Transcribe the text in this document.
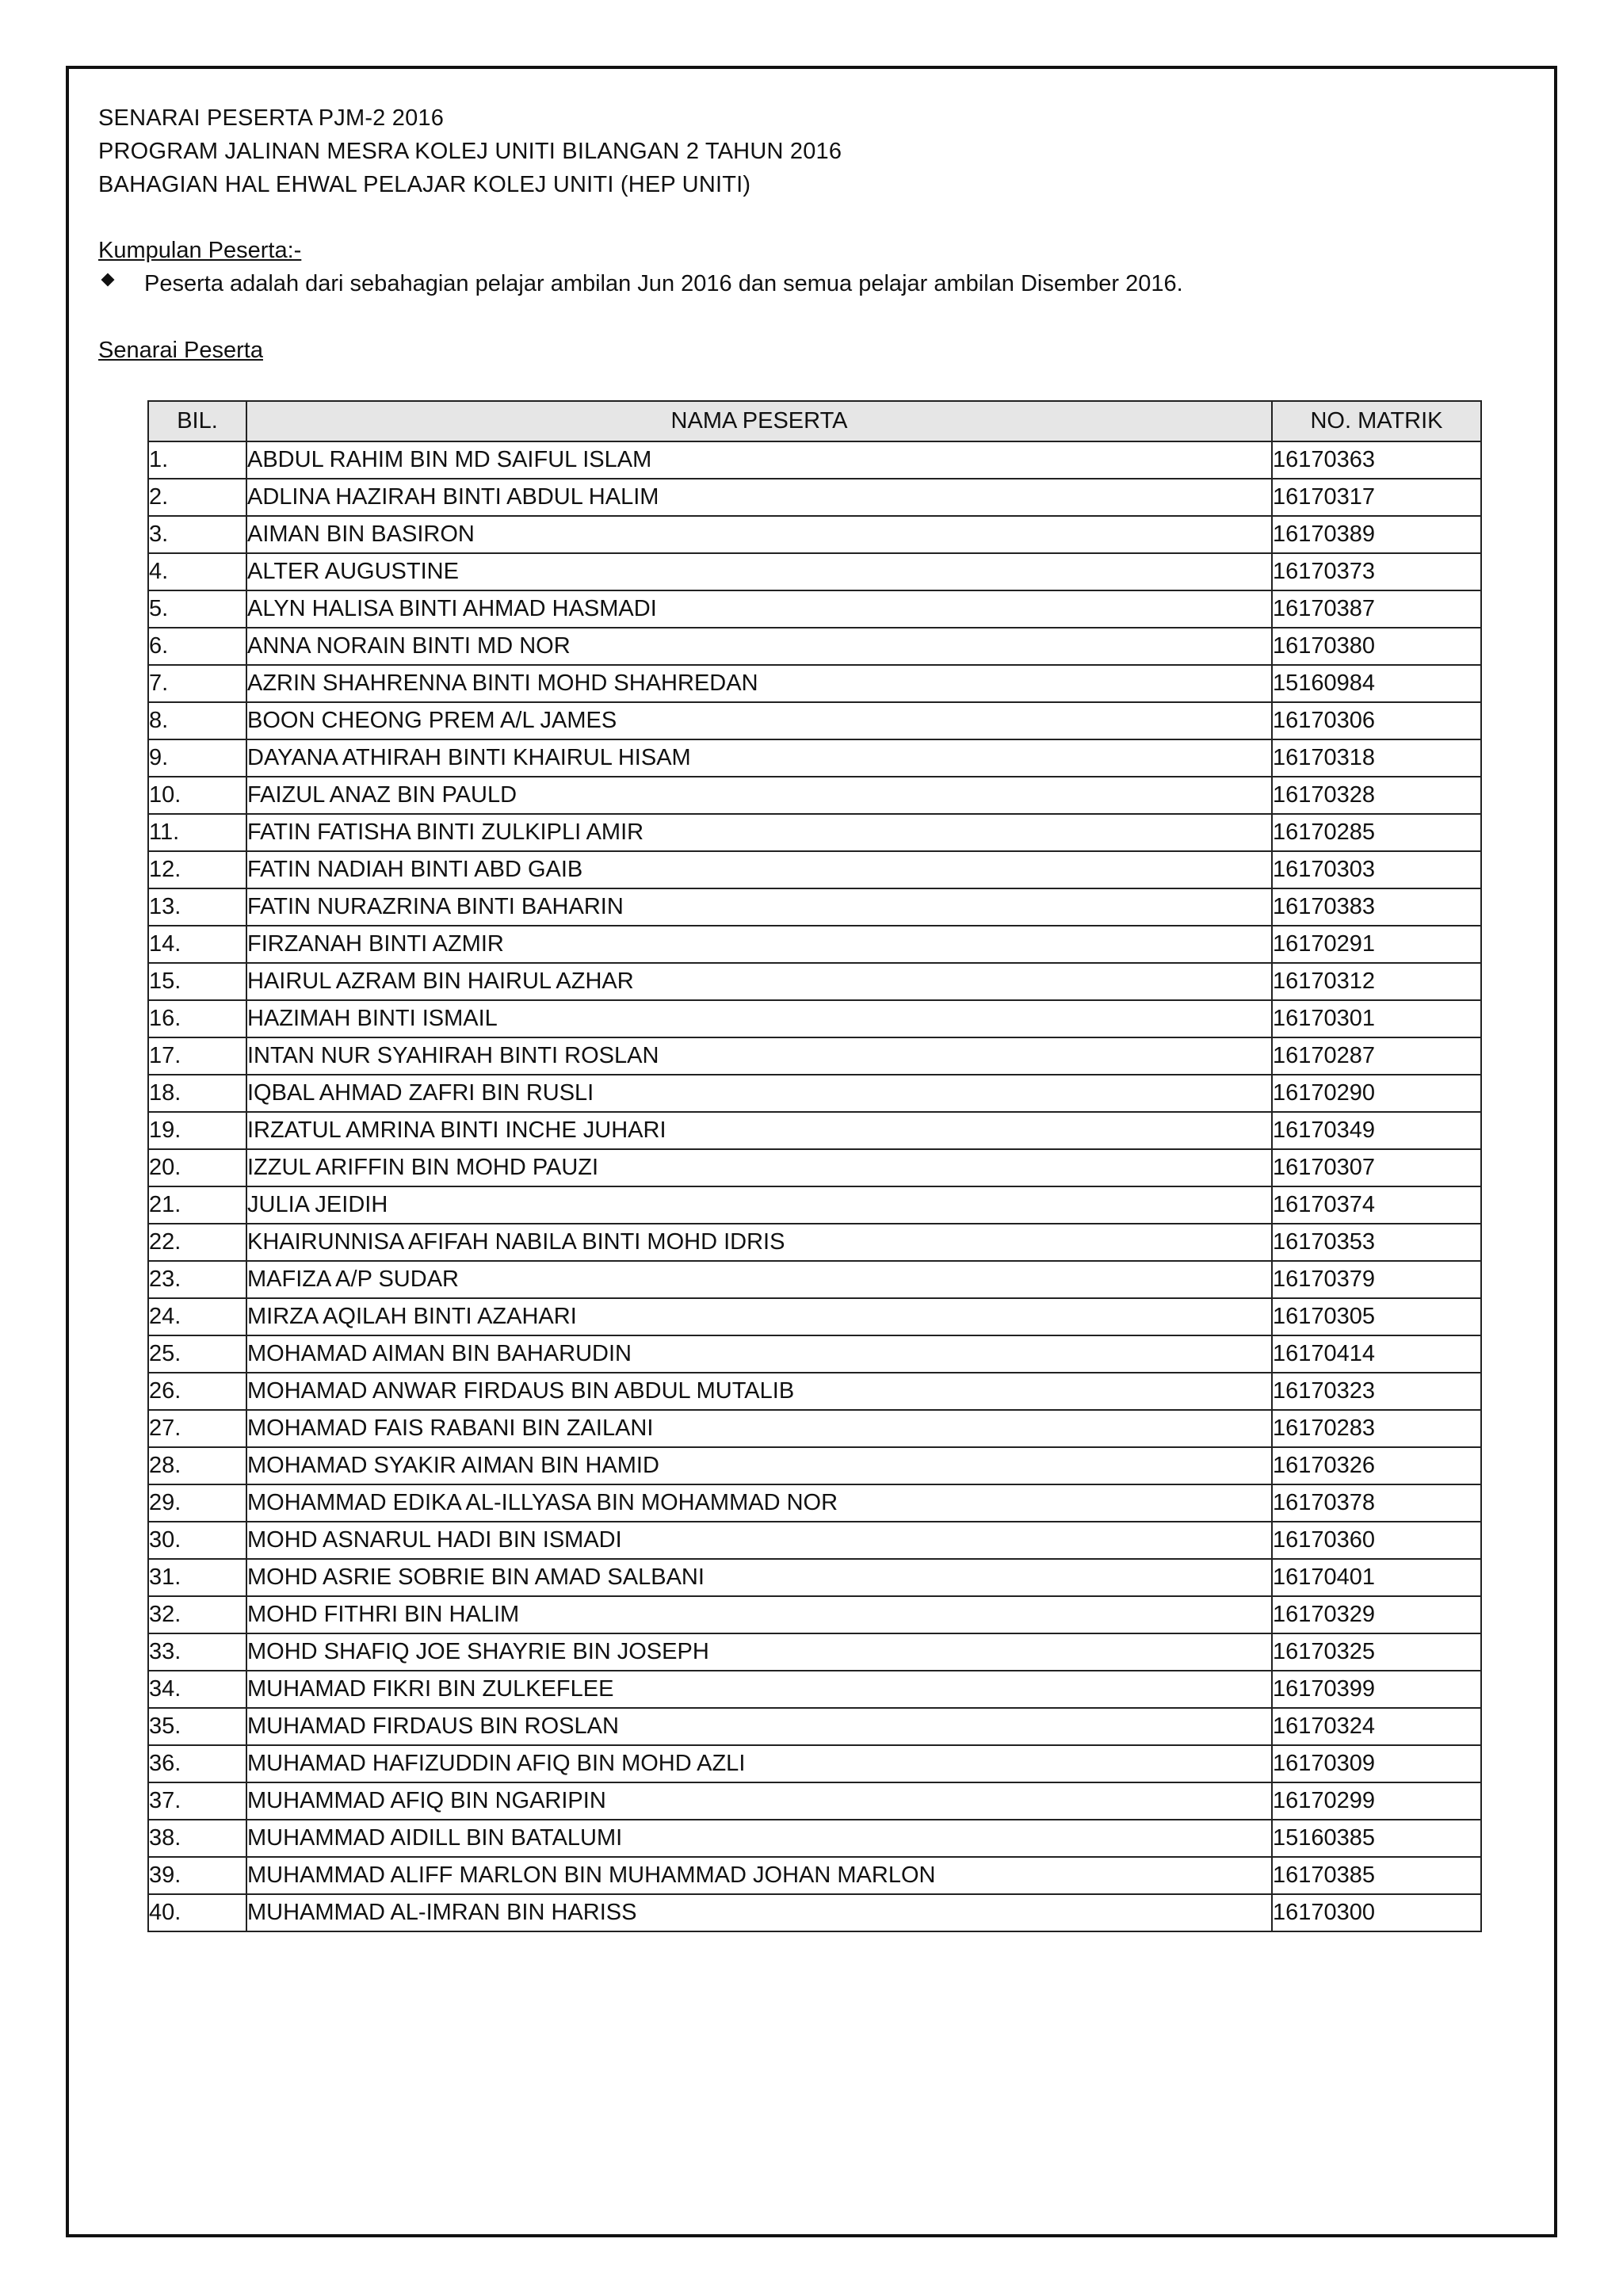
SENARAI PESERTA PJM-2 2016
PROGRAM JALINAN MESRA KOLEJ UNITI BILANGAN 2 TAHUN 2016
BAHAGIAN HAL EHWAL PELAJAR KOLEJ UNITI (HEP UNITI)
Kumpulan Peserta:-
Peserta adalah dari sebahagian pelajar ambilan Jun 2016 dan semua pelajar ambilan Disember 2016.
Senarai Peserta
BIL.	NAMA PESERTA	NO. MATRIK
1.	ABDUL RAHIM BIN MD SAIFUL ISLAM	16170363
2.	ADLINA HAZIRAH BINTI ABDUL HALIM	16170317
3.	AIMAN BIN BASIRON	16170389
4.	ALTER AUGUSTINE	16170373
5.	ALYN HALISA BINTI AHMAD HASMADI	16170387
6.	ANNA NORAIN BINTI MD NOR	16170380
7.	AZRIN SHAHRENNA BINTI MOHD SHAHREDAN	15160984
8.	BOON CHEONG PREM A/L JAMES	16170306
9.	DAYANA ATHIRAH BINTI KHAIRUL HISAM	16170318
10.	FAIZUL ANAZ BIN PAULD	16170328
11.	FATIN FATISHA BINTI ZULKIPLI AMIR	16170285
12.	FATIN NADIAH BINTI ABD GAIB	16170303
13.	FATIN NURAZRINA BINTI BAHARIN	16170383
14.	FIRZANAH BINTI AZMIR	16170291
15.	HAIRUL AZRAM BIN HAIRUL AZHAR	16170312
16.	HAZIMAH BINTI ISMAIL	16170301
17.	INTAN NUR SYAHIRAH BINTI ROSLAN	16170287
18.	IQBAL AHMAD ZAFRI BIN RUSLI	16170290
19.	IRZATUL AMRINA BINTI INCHE JUHARI	16170349
20.	IZZUL ARIFFIN BIN MOHD PAUZI	16170307
21.	JULIA JEIDIH	16170374
22.	KHAIRUNNISA AFIFAH NABILA BINTI MOHD IDRIS	16170353
23.	MAFIZA A/P SUDAR	16170379
24.	MIRZA AQILAH BINTI AZAHARI	16170305
25.	MOHAMAD AIMAN BIN BAHARUDIN	16170414
26.	MOHAMAD ANWAR FIRDAUS BIN ABDUL MUTALIB	16170323
27.	MOHAMAD FAIS RABANI BIN ZAILANI	16170283
28.	MOHAMAD SYAKIR AIMAN BIN HAMID	16170326
29.	MOHAMMAD EDIKA AL-ILLYASA BIN MOHAMMAD NOR	16170378
30.	MOHD ASNARUL HADI BIN ISMADI	16170360
31.	MOHD ASRIE SOBRIE BIN AMAD SALBANI	16170401
32.	MOHD FITHRI BIN HALIM	16170329
33.	MOHD SHAFIQ JOE SHAYRIE BIN JOSEPH	16170325
34.	MUHAMAD FIKRI BIN ZULKEFLEE	16170399
35.	MUHAMAD FIRDAUS BIN ROSLAN	16170324
36.	MUHAMAD HAFIZUDDIN AFIQ BIN MOHD AZLI	16170309
37.	MUHAMMAD AFIQ BIN NGARIPIN	16170299
38.	MUHAMMAD AIDILL BIN BATALUMI	15160385
39.	MUHAMMAD ALIFF MARLON BIN MUHAMMAD JOHAN MARLON	16170385
40.	MUHAMMAD AL-IMRAN BIN HARISS	16170300
